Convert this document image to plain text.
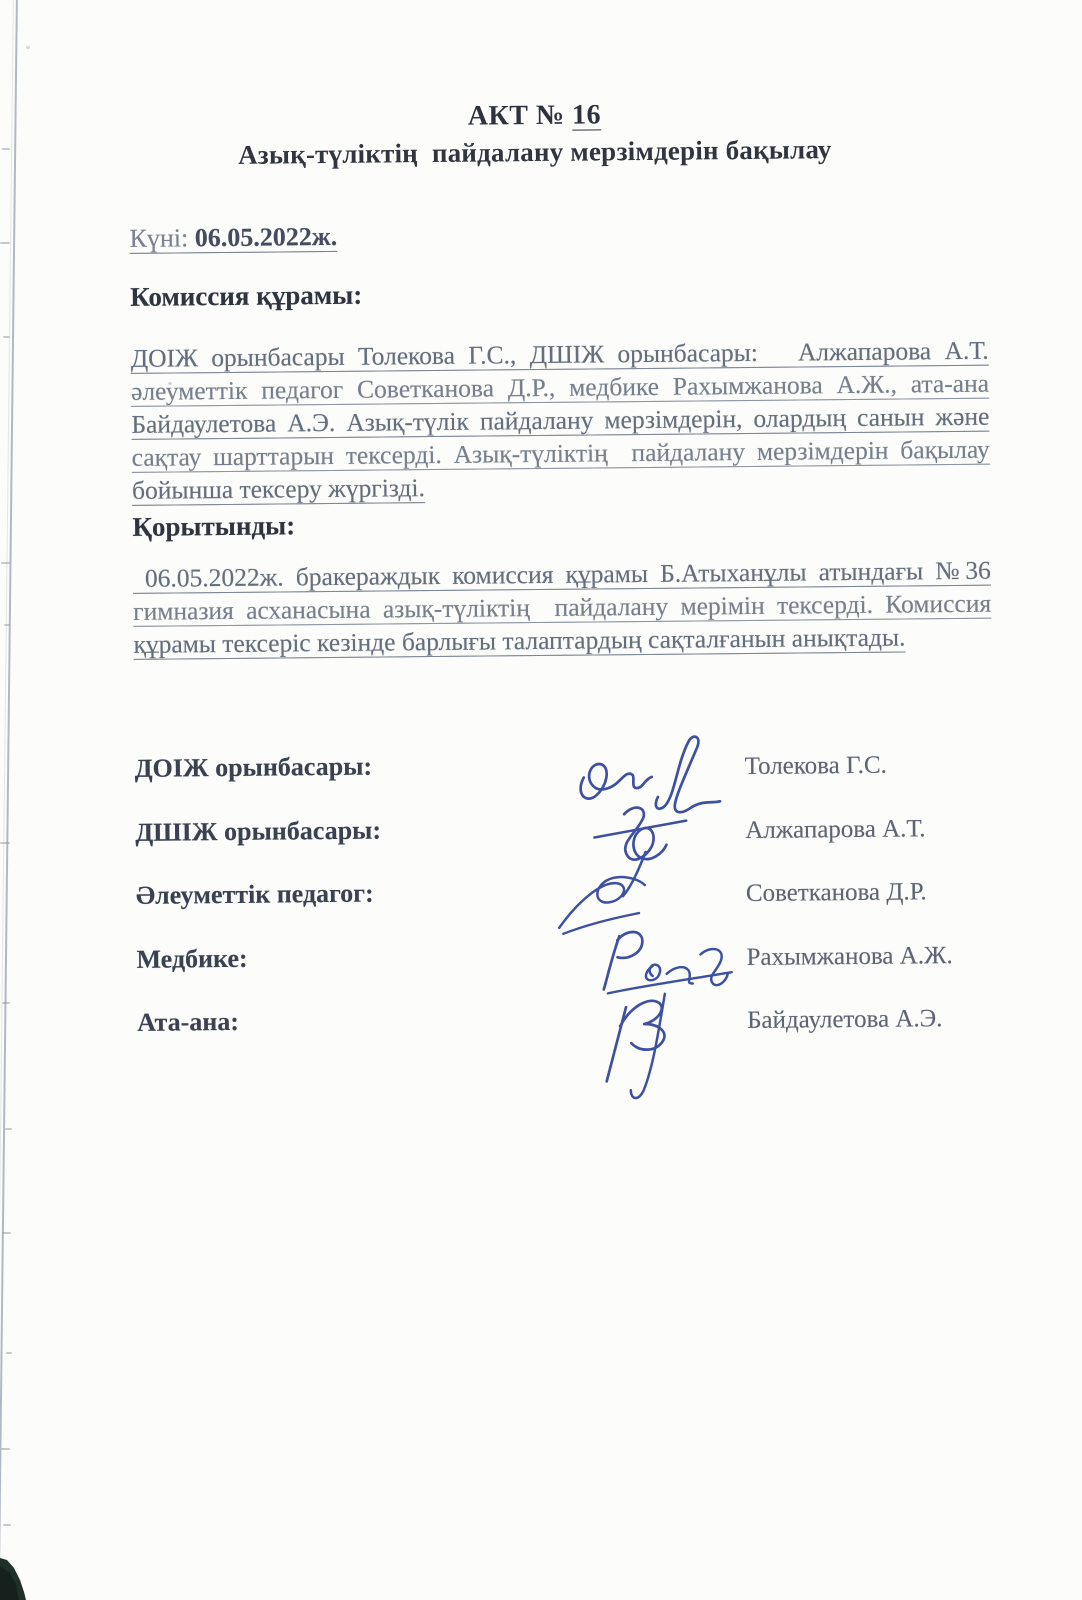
АКТ № 16
Азық-түліктің  пайдалану мерзімдерін бақылау
Күні: 06.05.2022ж.
Комиссия құрамы:
ДОІЖ орынбасары Толекова Г.С., ДШІЖ орынбасары:   Алжапарова А.Т.
әлеуметтік педагог Советканова Д.Р., медбике Рахымжанова А.Ж., ата-ана
Байдаулетова А.Э. Азық-түлік пайдалану мерзімдерін, олардың санын және
сақтау шарттарын тексерді. Азық-түліктің  пайдалану мерзімдерін бақылау
бойынша тексеру жүргізді.
Қорытынды:
06.05.2022ж. бракераждык комиссия құрамы Б.Атыханұлы атындағы №36
гимназия асханасына азық-түліктің  пайдалану мерімін тексерді. Комиссия
құрамы тексеріс кезінде барлығы талаптардың сақталғанын анықтады.
ДОІЖ орынбасары:
ДШІЖ орынбасары:
Әлеуметтік педагог:
Медбике:
Ата-ана:
Толекова Г.С.
Алжапарова А.Т.
Советканова Д.Р.
Рахымжанова А.Ж.
Байдаулетова А.Э.
